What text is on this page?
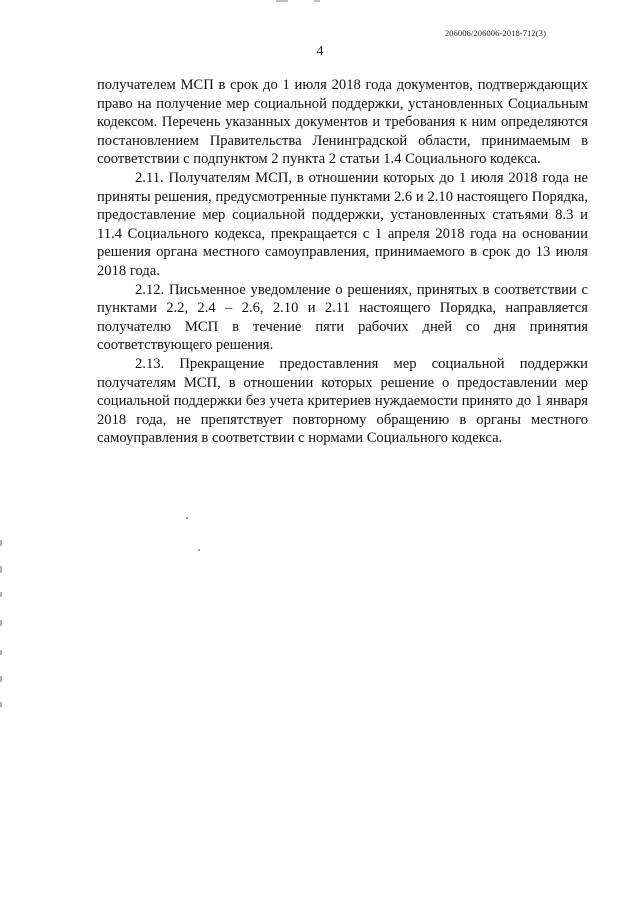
206006/206006-2018-712(3)
4

получателем МСП в срок до 1 июля 2018 года документов, подтверждающих право на получение мер социальной поддержки, установленных Социальным кодексом. Перечень указанных документов и требования к ним определяются постановлением Правительства Ленинградской области, принимаемым в соответствии с подпунктом 2 пункта 2 статьи 1.4 Социального кодекса.

2.11. Получателям МСП, в отношении которых до 1 июля 2018 года не приняты решения, предусмотренные пунктами 2.6 и 2.10 настоящего Порядка, предоставление мер социальной поддержки, установленных статьями 8.3 и 11.4 Социального кодекса, прекращается с 1 апреля 2018 года на основании решения органа местного самоуправления, принимаемого в срок до 13 июля 2018 года.

2.12. Письменное уведомление о решениях, принятых в соответствии с пунктами 2.2, 2.4 – 2.6, 2.10 и 2.11 настоящего Порядка, направляется получателю МСП в течение пяти рабочих дней со дня принятия соответствующего решения.

2.13. Прекращение предоставления мер социальной поддержки получателям МСП, в отношении которых решение о предоставлении мер социальной поддержки без учета критериев нуждаемости принято до 1 января 2018 года, не препятствует повторному обращению в органы местного самоуправления в соответствии с нормами Социального кодекса.
